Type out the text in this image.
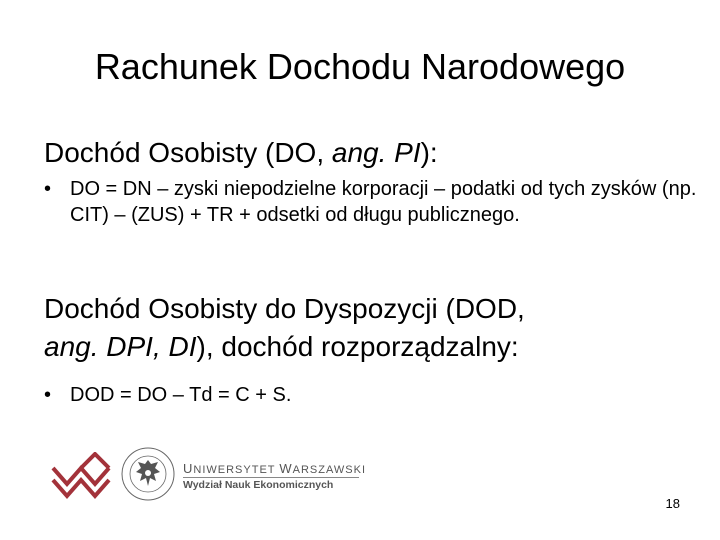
Rachunek Dochodu Narodowego
Dochód Osobisty (DO, ang. PI):
• DO = DN – zyski niepodzielne korporacji – podatki od tych zysków (np. CIT) – (ZUS) + TR + odsetki od długu publicznego.
Dochód Osobisty do Dyspozycji (DOD,
ang. DPI, DI), dochód rozporządzalny:
• DOD = DO – Td = C + S.
UNIWERSYTET WARSZAWSKI
Wydział Nauk Ekonomicznych
18
